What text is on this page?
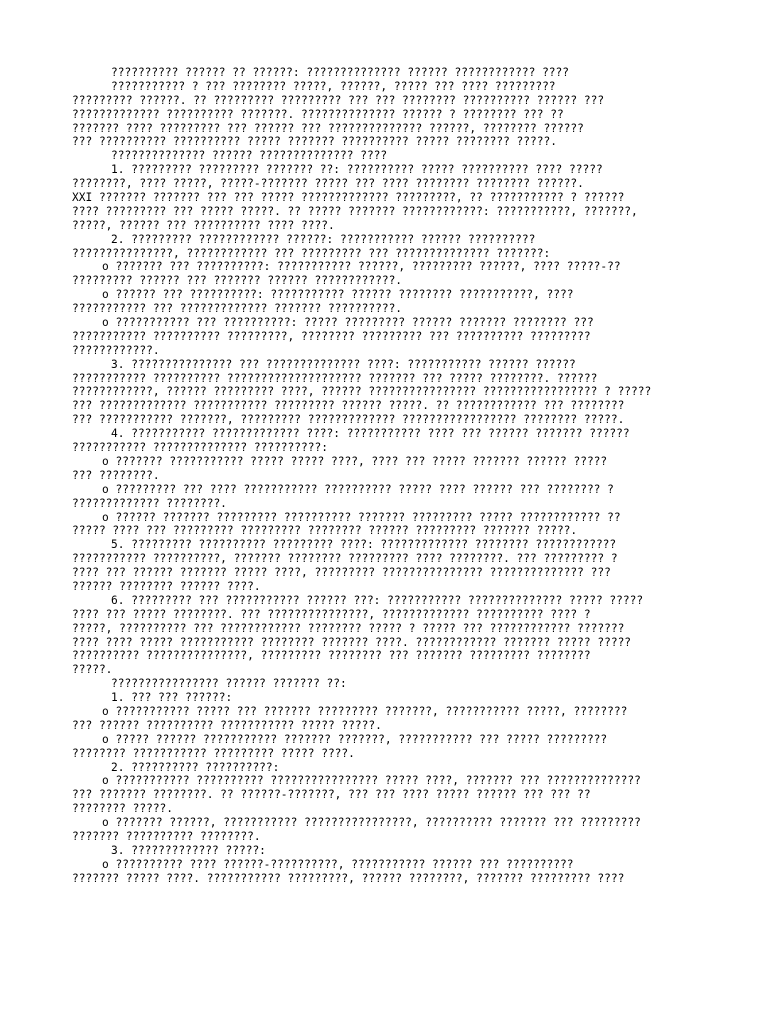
?????????? ?????? ?? ??????: ?????????????? ?????? ???????????? ????
??????????? ? ??? ???????? ?????, ??????, ????? ??? ???? ?????????
????????? ??????. ?? ????????? ????????? ??? ??? ???????? ?????????? ?????? ???
????????????? ?????????? ???????. ?????????????? ?????? ? ???????? ??? ??
??????? ???? ????????? ??? ?????? ??? ?????????????? ??????, ???????? ??????
??? ?????????? ?????????? ????? ??????? ?????????? ????? ???????? ?????.
?????????????? ?????? ?????????????? ????
1. ????????? ????????? ??????? ??: ?????????? ????? ?????????? ???? ?????
????????, ???? ?????, ?????-??????? ????? ??? ???? ???????? ???????? ??????.
XXI ??????? ??????? ??? ??? ????? ????????????? ?????????, ?? ??????????? ? ??????
???? ????????? ??? ????? ?????. ?? ????? ??????? ????????????: ???????????, ???????,
?????, ?????? ??? ?????????? ???? ????.
2. ????????? ???????????? ??????: ??????????? ?????? ??????????
???????????????, ???????????? ??? ????????? ??? ?????????????? ???????:
o ??????? ??? ??????????: ??????????? ??????, ????????? ??????, ???? ?????-??
????????? ?????? ??? ??????? ?????? ????????????.
o ?????? ??? ??????????: ??????????? ?????? ???????? ???????????, ????
??????????? ??? ????????????? ??????? ??????????.
o ??????????? ??? ??????????: ????? ????????? ?????? ??????? ???????? ???
??????????? ?????????? ?????????, ???????? ????????? ??? ?????????? ?????????
????????????.
3. ??????????????? ??? ?????????????? ????: ??????????? ?????? ??????
??????????? ?????????? ???????????????????? ??????? ??? ????? ????????. ??????
????????????, ?????? ????????? ????, ?????? ???????????????? ????????????????? ? ?????
??? ????????????? ??????????? ????????? ?????? ?????. ?? ???????????? ??? ????????
??? ??????????? ???????, ????????? ????????????? ????????????????? ???????? ?????.
4. ??????????? ????????????? ????: ??????????? ???? ??? ?????? ??????? ??????
??????????? ?????????????? ??????????:
o ??????? ??????????? ????? ????? ????, ???? ??? ????? ??????? ?????? ?????
??? ????????.
o ????????? ??? ???? ??????????? ?????????? ????? ???? ?????? ??? ???????? ?
????????????? ????????.
o ?????? ??????? ????????? ?????????? ??????? ????????? ????? ???????????? ??
????? ???? ??? ????????? ????????? ???????? ?????? ????????? ??????? ?????.
5. ????????? ?????????? ????????? ????: ????????????? ???????? ????????????
??????????? ??????????, ??????? ???????? ????????? ???? ????????. ??? ????????? ?
???? ??? ?????? ??????? ????? ????, ????????? ??????????????? ?????????????? ???
?????? ???????? ?????? ????.
6. ????????? ??? ??????????? ?????? ???: ??????????? ?????????????? ????? ?????
???? ??? ????? ????????. ??? ???????????????, ????????????? ?????????? ???? ?
?????, ?????????? ??? ???????????? ???????? ????? ? ????? ??? ???????????? ???????
???? ???? ????? ??????????? ???????? ??????? ????. ???????????? ??????? ????? ?????
?????????? ???????????????, ????????? ???????? ??? ??????? ????????? ????????
?????.
???????????????? ?????? ??????? ??:
1. ??? ??? ??????:
o ??????????? ????? ??? ??????? ????????? ???????, ??????????? ?????, ????????
??? ?????? ?????????? ??????????? ????? ?????.
o ????? ?????? ??????????? ??????? ???????, ??????????? ??? ????? ?????????
???????? ??????????? ????????? ????? ????.
2. ?????????? ??????????:
o ??????????? ?????????? ???????????????? ????? ????, ??????? ??? ??????????????
??? ??????? ????????. ?? ??????-???????, ??? ??? ???? ????? ?????? ??? ??? ??
???????? ?????.
o ??????? ??????, ??????????? ????????????????, ?????????? ??????? ??? ?????????
??????? ?????????? ????????.
3. ????????????? ?????:
o ?????????? ???? ??????-??????????, ??????????? ?????? ??? ??????????
??????? ????? ????. ??????????? ?????????, ?????? ????????, ??????? ????????? ????
